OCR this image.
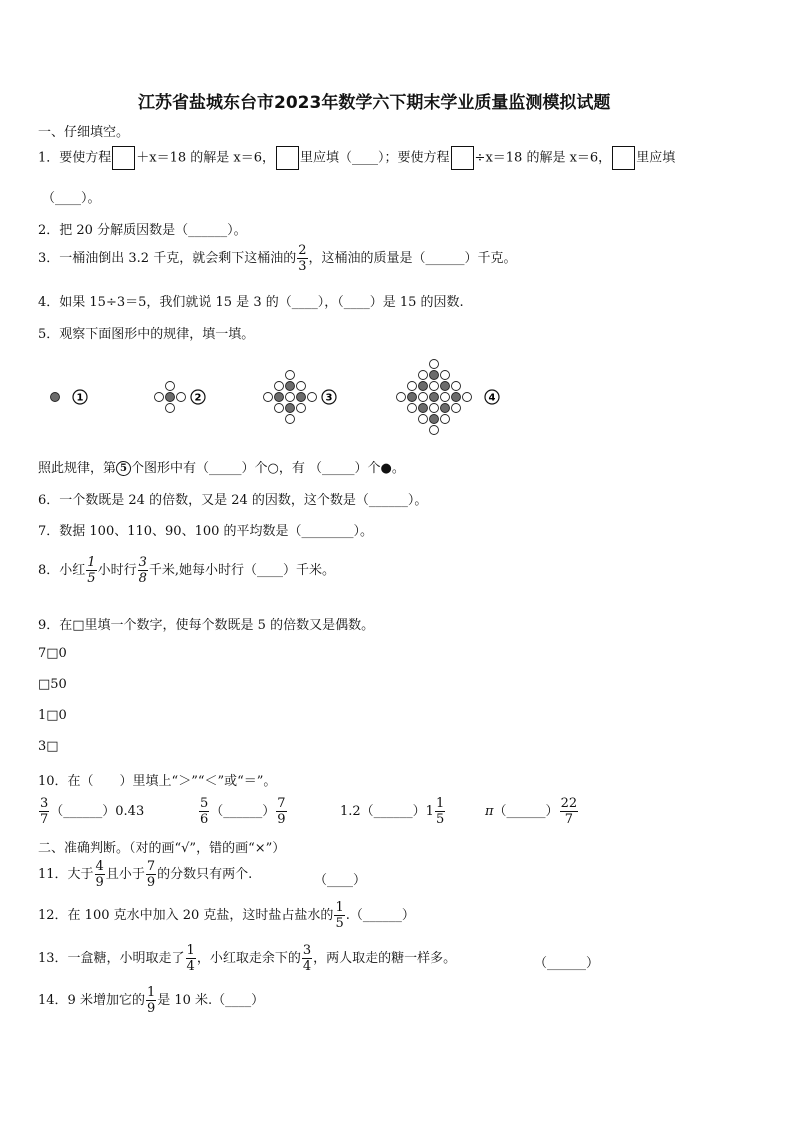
江苏省盐城东台市2023年数学六下期末学业质量监测模拟试题
一、仔细填空。
1．要使方程 ＋x＝18 的解是 x＝6， 里应填（____）；要使方程 ÷x＝18 的解是 x＝6， 里应填
（____）。
2．把 20 分解质因数是（______）。
3．一桶油倒出 3.2 千克，就会剩下这桶油的 $\frac{2}{3}$ ，这桶油的质量是（______）千克。
4．如果 15÷3＝5，我们就说 15 是 3 的（____），（____）是 15 的因数.
5．观察下面图形中的规律，填一填。
1	2	3	4
照此规律，第 5 个图形中有（_____）个○，有 （_____）个●。
6．一个数既是 24 的倍数，又是 24 的因数，这个数是（______）。
7．数据 100、110、90、100 的平均数是（________）。
8．小红 $\frac{1}{5}$ 小时行 $\frac{3}{8}$ 千米,她每小时行（____）千米。
9．在□里填一个数字，使每个数既是 5 的倍数又是偶数。
7□0
□50
1□0
3□
10．在（　　）里填上“＞”“＜”或“＝”。
$\frac{3}{7}$ （______）0.43	$\frac{5}{6}$ （______） $\frac{7}{9}$	1.2（______）1 $\frac{1}{5}$	π（______） $\frac{22}{7}$
二、准确判断。（对的画“√”，错的画“×”）
11．大于 $\frac{4}{9}$ 且小于 $\frac{7}{9}$ 的分数只有两个.	（____）
12．在 100 克水中加入 20 克盐，这时盐占盐水的 $\frac{1}{5}$ .（______）
13．一盒糖，小明取走了 $\frac{1}{4}$ ，小红取走余下的 $\frac{3}{4}$ ，两人取走的糖一样多。	（______）
14．9 米增加它的 $\frac{1}{9}$ 是 10 米.（____）
